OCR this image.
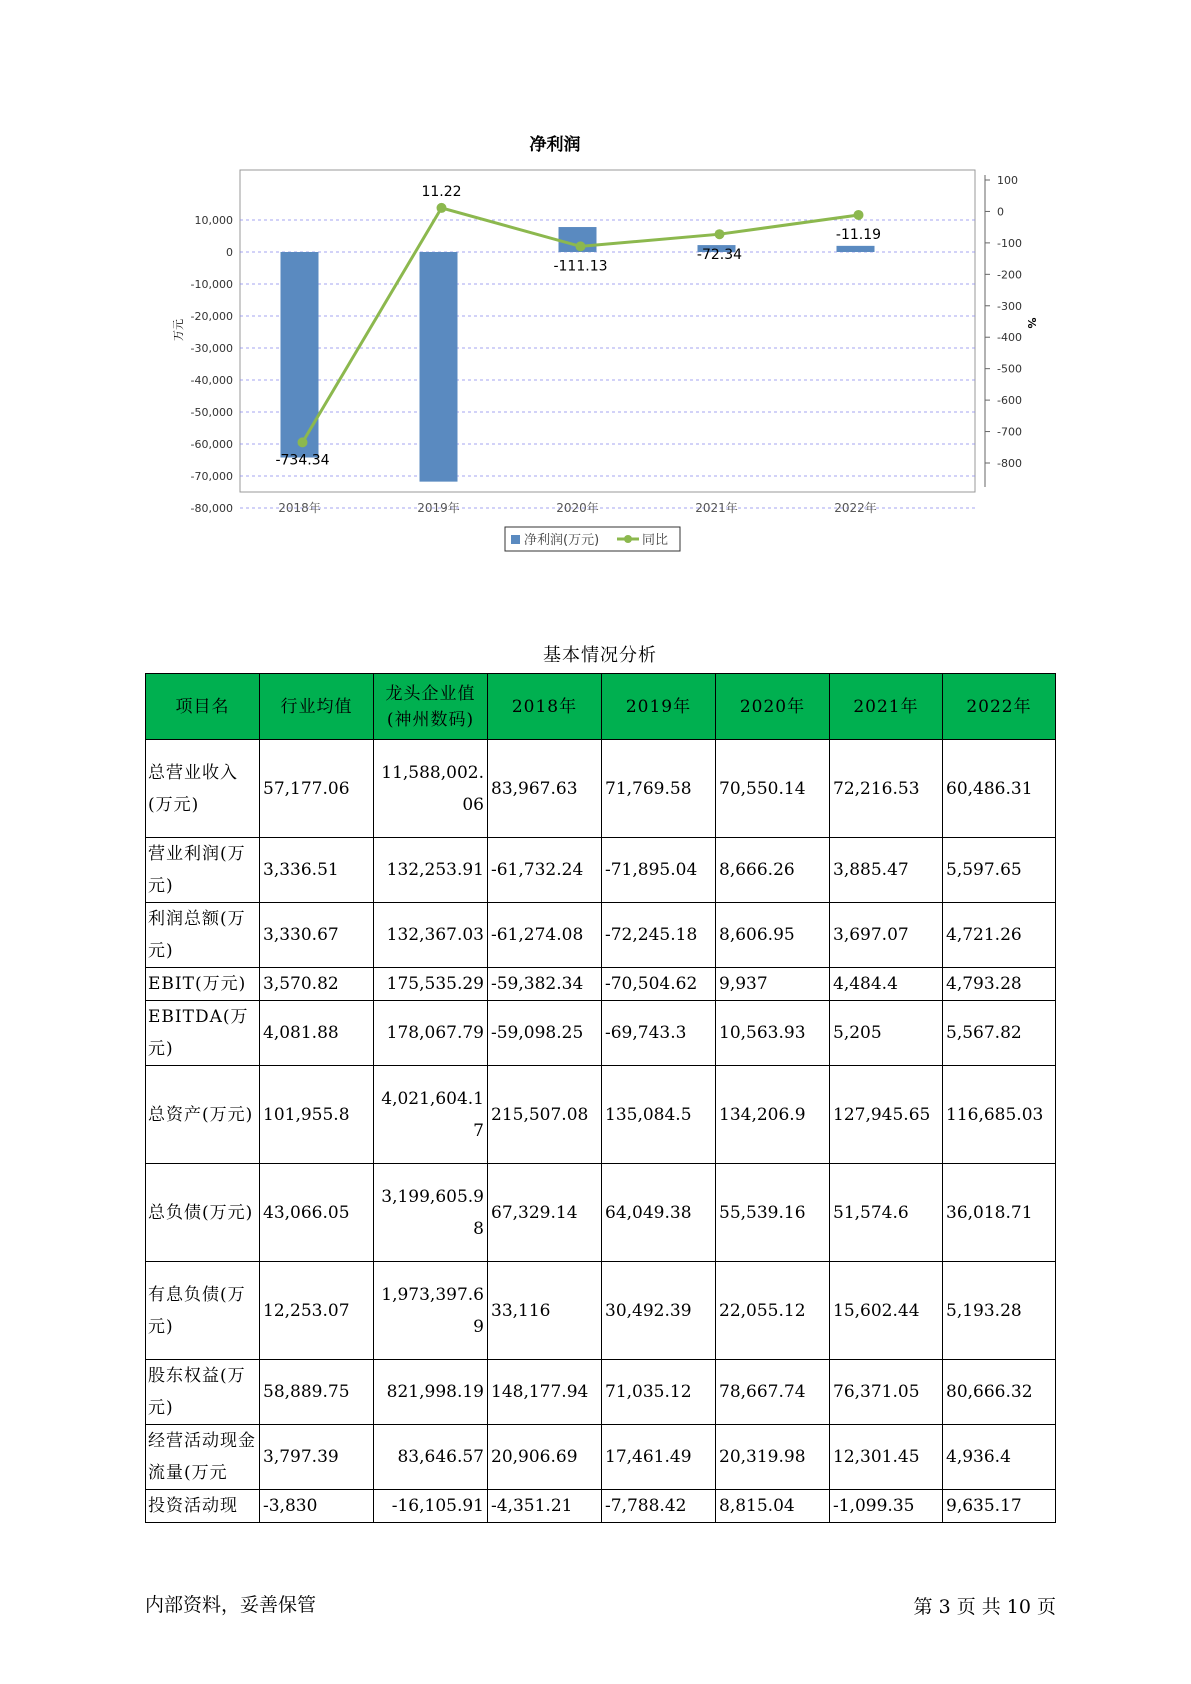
净利润
10,000
0
-10,000
-20,000
-30,000
-40,000
-50,000
-60,000
-70,000
-80,000
100
0
-100
-200
-300
-400
-500
-600
-700
-800
万元	%
2018年	2019年	2020年	2021年	2022年
-734.34
11.22
-111.13
-72.34
-11.19
净利润(万元)	同比
基本情况分析
项目名	行业均值	龙头企业值(神州数码)	2018年	2019年	2020年	2021年	2022年
总营业收入(万元)	57,177.06	11,588,002.06	83,967.63	71,769.58	70,550.14	72,216.53	60,486.31
营业利润(万元)	3,336.51	132,253.91	-61,732.24	-71,895.04	8,666.26	3,885.47	5,597.65
利润总额(万元)	3,330.67	132,367.03	-61,274.08	-72,245.18	8,606.95	3,697.07	4,721.26
EBIT(万元)	3,570.82	175,535.29	-59,382.34	-70,504.62	9,937	4,484.4	4,793.28
EBITDA(万元)	4,081.88	178,067.79	-59,098.25	-69,743.3	10,563.93	5,205	5,567.82
总资产(万元)	101,955.8	4,021,604.17	215,507.08	135,084.5	134,206.9	127,945.65	116,685.03
总负债(万元)	43,066.05	3,199,605.98	67,329.14	64,049.38	55,539.16	51,574.6	36,018.71
有息负债(万元)	12,253.07	1,973,397.69	33,116	30,492.39	22,055.12	15,602.44	5,193.28
股东权益(万元)	58,889.75	821,998.19	148,177.94	71,035.12	78,667.74	76,371.05	80,666.32
经营活动现金流量(万元	3,797.39	83,646.57	20,906.69	17,461.49	20,319.98	12,301.45	4,936.4
投资活动现	-3,830	-16,105.91	-4,351.21	-7,788.42	8,815.04	-1,099.35	9,635.17
内部资料，妥善保管	第 3 页 共 10 页
